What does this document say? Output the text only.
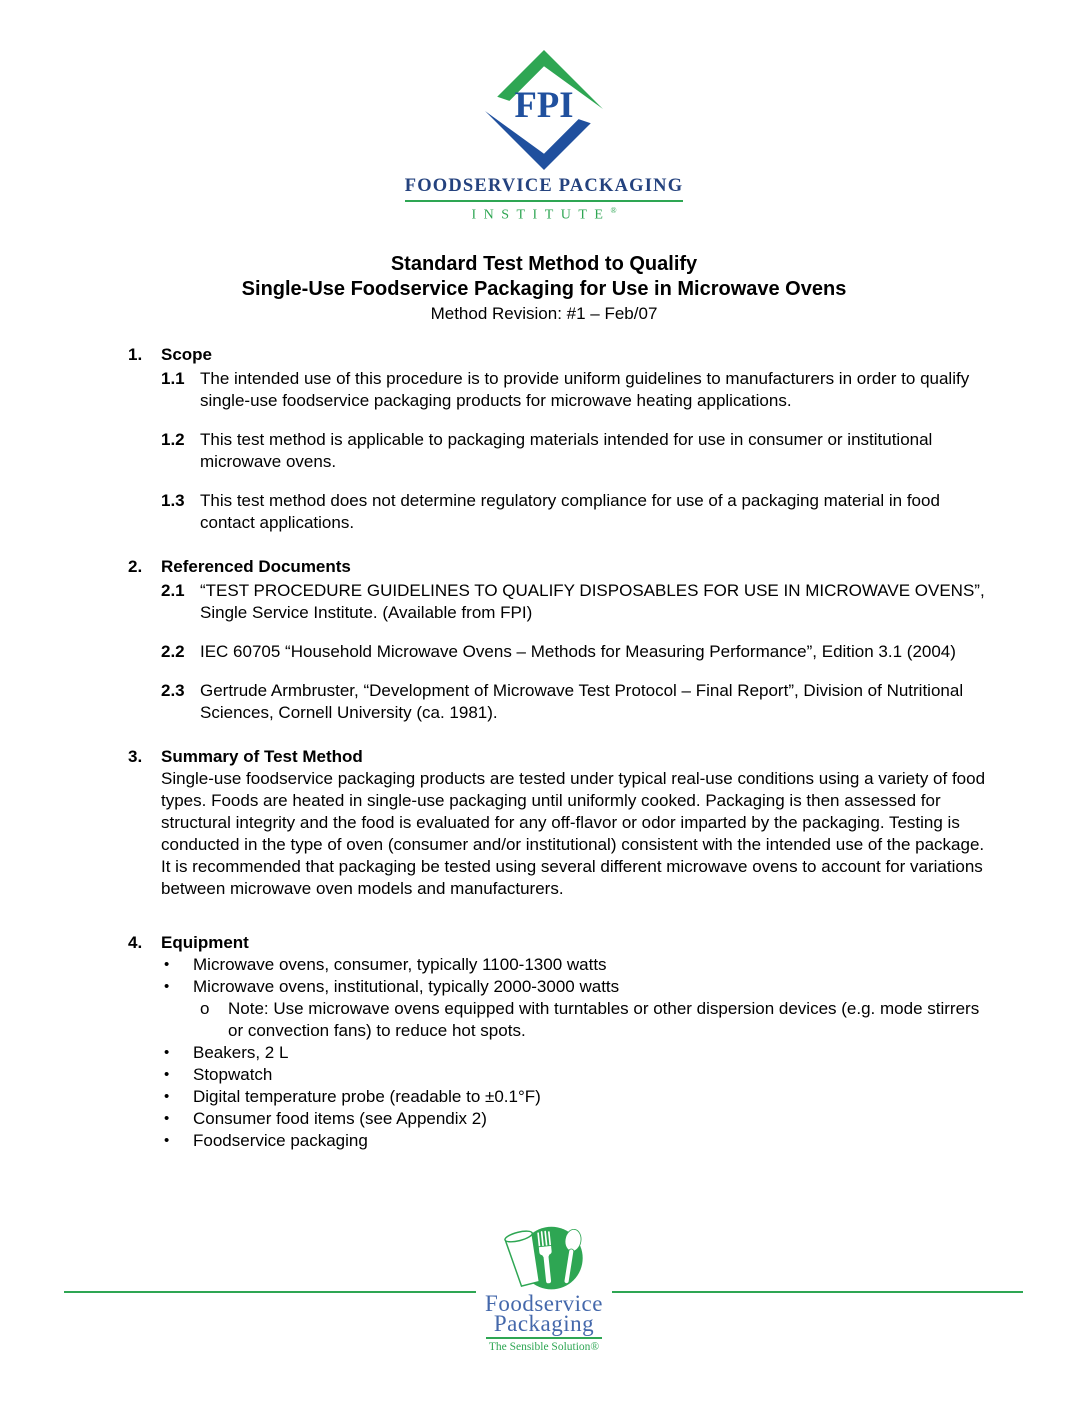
FPI
FOODSERVICE PACKAGING
INSTITUTE®
Standard Test Method to Qualify
Single-Use Foodservice Packaging for Use in Microwave Ovens
Method Revision: #1 – Feb/07
1.	Scope
1.1 The intended use of this procedure is to provide uniform guidelines to manufacturers in order to qualify single-use foodservice packaging products for microwave heating applications.
1.2 This test method is applicable to packaging materials intended for use in consumer or institutional microwave ovens.
1.3 This test method does not determine regulatory compliance for use of a packaging material in food contact applications.
2.	Referenced Documents
2.1 “TEST PROCEDURE GUIDELINES TO QUALIFY DISPOSABLES FOR USE IN MICROWAVE OVENS”, Single Service Institute. (Available from FPI)
2.2 IEC 60705 “Household Microwave Ovens – Methods for Measuring Performance”, Edition 3.1 (2004)
2.3 Gertrude Armbruster, “Development of Microwave Test Protocol – Final Report”, Division of Nutritional Sciences, Cornell University (ca. 1981).
3.	Summary of Test Method
Single-use foodservice packaging products are tested under typical real-use conditions using a variety of food types. Foods are heated in single-use packaging until uniformly cooked. Packaging is then assessed for structural integrity and the food is evaluated for any off-flavor or odor imparted by the packaging. Testing is conducted in the type of oven (consumer and/or institutional) consistent with the intended use of the package. It is recommended that packaging be tested using several different microwave ovens to account for variations between microwave oven models and manufacturers.
4.	Equipment
•	Microwave ovens, consumer, typically 1100-1300 watts
•	Microwave ovens, institutional, typically 2000-3000 watts
o	Note: Use microwave ovens equipped with turntables or other dispersion devices (e.g. mode stirrers or convection fans) to reduce hot spots.
•	Beakers, 2 L
•	Stopwatch
•	Digital temperature probe (readable to ±0.1°F)
•	Consumer food items (see Appendix 2)
•	Foodservice packaging
Foodservice
Packaging
The Sensible Solution®
